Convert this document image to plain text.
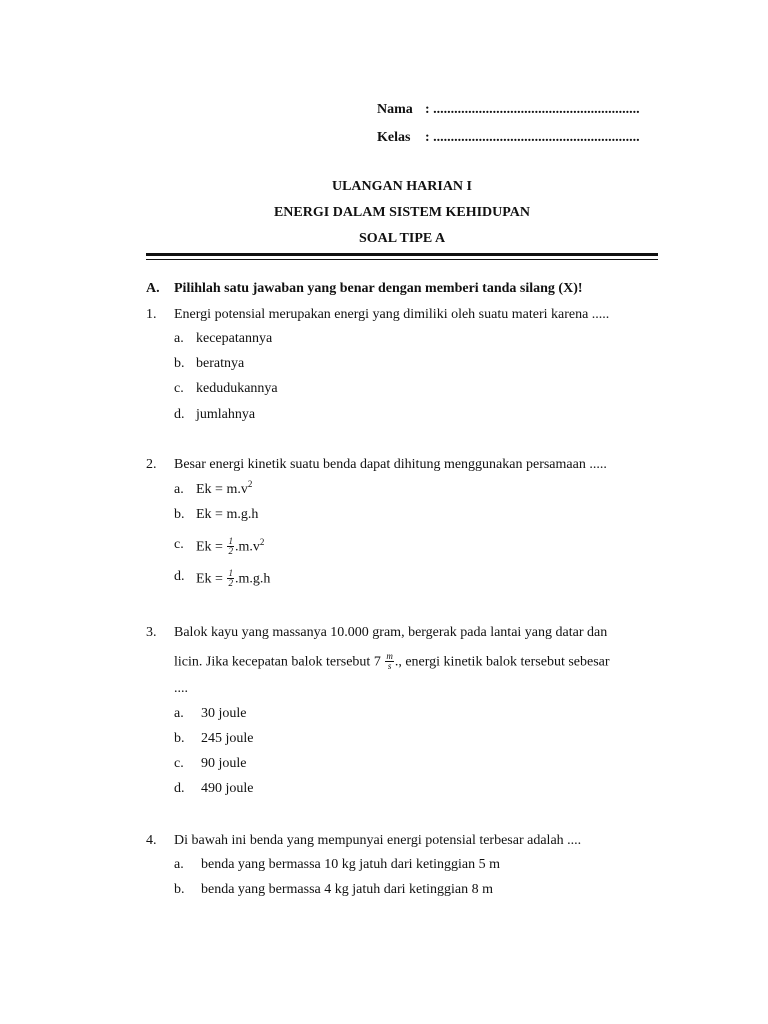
Nama : ...........................................................
Kelas : ...........................................................
ULANGAN HARIAN I
ENERGI DALAM SISTEM KEHIDUPAN
SOAL TIPE A
A. Pilihlah satu jawaban yang benar dengan memberi tanda silang (X)!
1. Energi potensial merupakan energi yang dimiliki oleh suatu materi karena .....
a. kecepatannya
b. beratnya
c. kedudukannya
d. jumlahnya
2. Besar energi kinetik suatu benda dapat dihitung menggunakan persamaan .....
a. $Ek = m.v^2$
b. Ek = m.g.h
c. $Ek = \frac{1}{2} .m.v^2$
d. $Ek = \frac{1}{2} .m.g.h$
3. Balok kayu yang massanya 10.000 gram, bergerak pada lantai yang datar dan
licin. Jika kecepatan balok tersebut $7 \frac{m}{s}$ ., energi kinetik balok tersebut sebesar
....
a. 30 joule
b. 245 joule
c. 90 joule
d. 490 joule
4. Di bawah ini benda yang mempunyai energi potensial terbesar adalah ....
a. benda yang bermassa 10 kg jatuh dari ketinggian 5 m
b. benda yang bermassa 4 kg jatuh dari ketinggian 8 m
